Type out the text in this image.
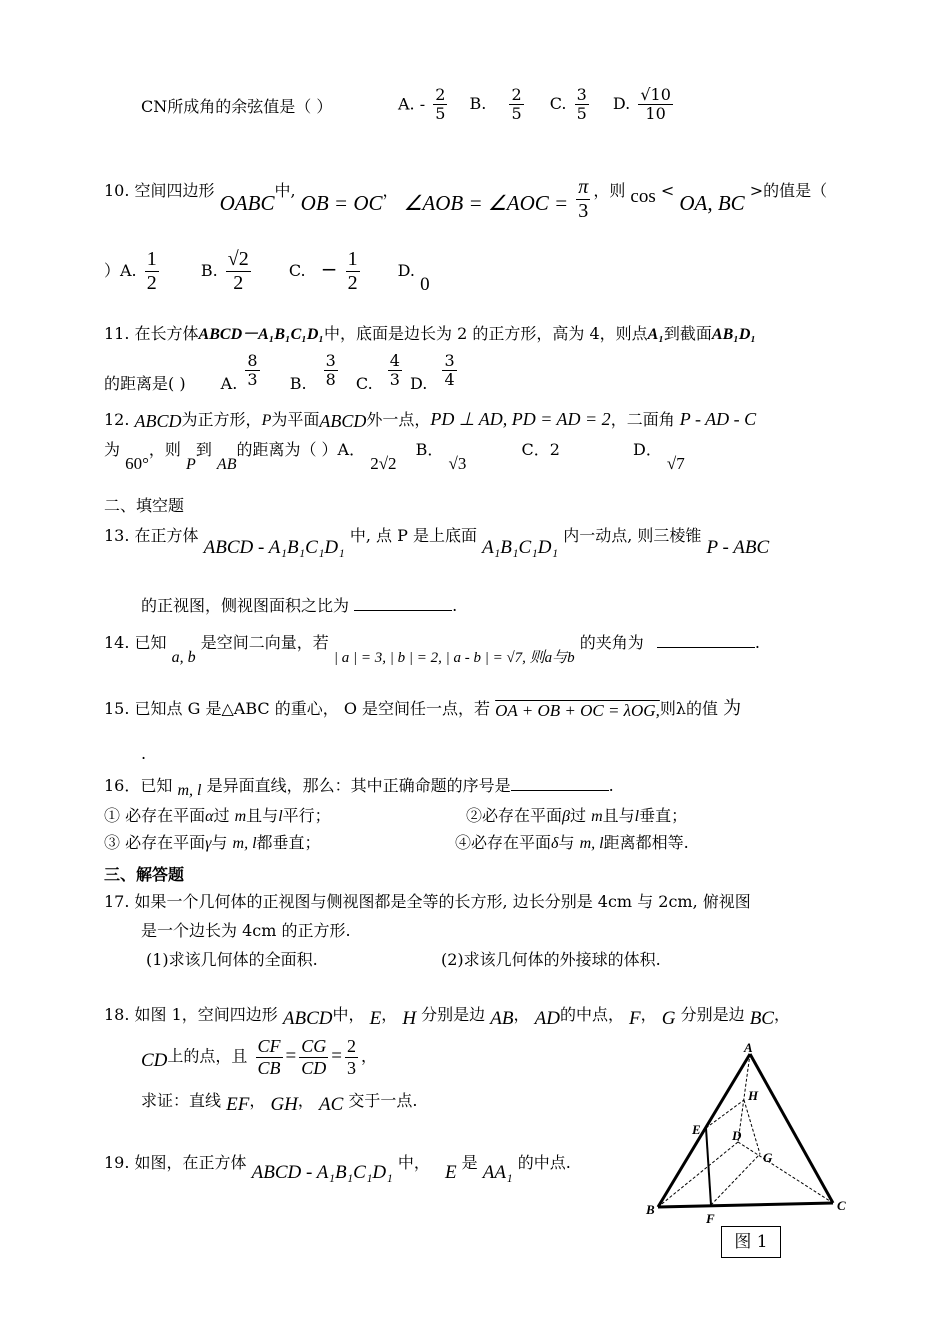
CN所成角的余弦值是（ ）	A. - $\frac{2}{5} B$. $\frac{2}{5} C$. $\frac{3}{5} D$. $\frac{√10}{10}$
10. 空间四边形 OABC中, OB = OC， ∠AOB = ∠AOC = $\frac{\pi}{3}$ ，则 cos < OA, BC >的值是（
）A. $\frac{1}{2}$	B. $\frac{√2}{2} C$. − $\frac{1}{2} D$. 0
11. 在长方体ABCD－A₁B₁C₁D₁中，底面是边长为 2 的正方形，高为 4，则点A₁到截面AB₁D₁
的距离是( ) A. $\frac{8}{3} B$. $\frac{3}{8} C$. $\frac{4}{3} D$. $\frac{3}{4}$
12. ABCD为正方形，P为平面ABCD外一点，PD ⊥ AD, PD = AD = 2，二面角 P - AD - C
为 60°，则 P到 AB的距离为（ ）A． 2√2 B． √3 C．2	D． √7
二、填空题
13. 在正方体 ABCD - A₁B₁C₁D₁ 中, 点 P 是上底面 A₁B₁C₁D₁ 内一动点, 则三棱锥 P - ABC
的正视图，侧视图面积之比为	.
14. 已知 a, b 是空间二向量，若 | a | = 3, | b | = 2, | a - b | = √7, 则a与b 的夹角为	.
15. 已知点 G 是△ABC 的重心， O 是空间任一点，若 OA + OB + OC = λOG,则λ的值 为
.
16．已知 m, l 是异面直线，那么：其中正确命题的序号是	.
① 必存在平面α过 m且与l平行；	②必存在平面β过 m且与l垂直；
③ 必存在平面γ与 m, l都垂直；	④必存在平面δ与 m, l距离都相等.
三、解答题
17. 如果一个几何体的正视图与侧视图都是全等的长方形, 边长分别是 4cm 与 2cm, 俯视图
是一个边长为 4cm 的正方形.
(1)求该几何体的全面积.	(2)求该几何体的外接球的体积.
18. 如图 1，空间四边形 ABCD中， E， H 分别是边 AB， AD的中点， F， G 分别是边 BC，
CD上的点，且 $\frac{CF}{CB} = \frac{CG}{CD} = \frac{2}{3}$ ，
求证：直线 EF， GH， AC 交于一点.
19. 如图，在正方体 ABCD - A₁B₁C₁D₁ 中， E 是 AA₁ 的中点.
A
B	C
D
E
F
G
H
图 1
